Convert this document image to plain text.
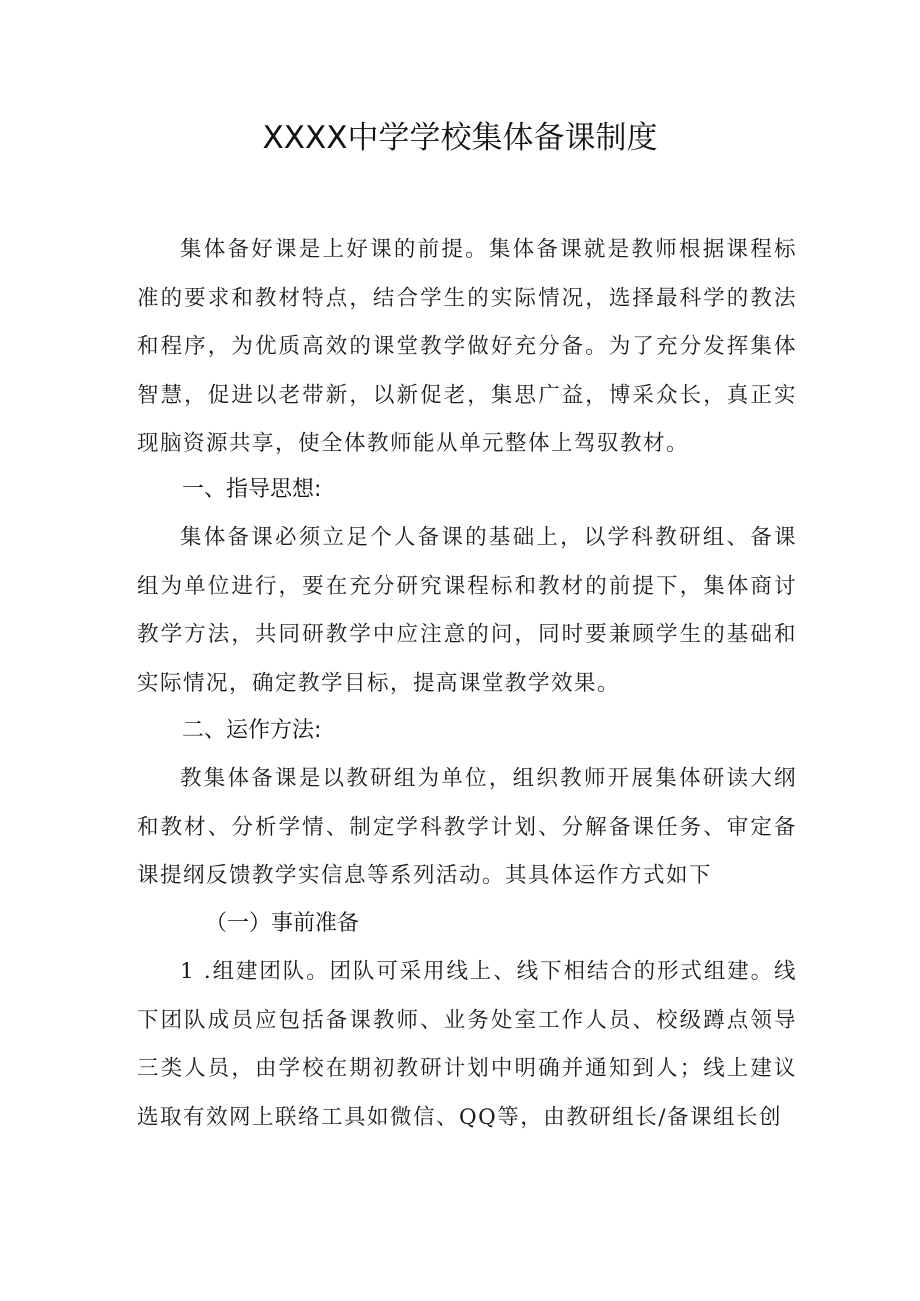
XXXX中学学校集体备课制度

集体备好课是上好课的前提。集体备课就是教师根据课程标准的要求和教材特点，结合学生的实际情况，选择最科学的教法和程序，为优质高效的课堂教学做好充分备。为了充分发挥集体智慧，促进以老带新，以新促老，集思广益，博采众长，真正实现脑资源共享，使全体教师能从单元整体上驾驭教材。

一、指导思想:

集体备课必须立足个人备课的基础上，以学科教研组、备课组为单位进行，要在充分研究课程标和教材的前提下，集体商讨教学方法，共同研教学中应注意的问，同时要兼顾学生的基础和实际情况，确定教学目标，提高课堂教学效果。

二、运作方法:

教集体备课是以教研组为单位，组织教师开展集体研读大纲和教材、分析学情、制定学科教学计划、分解备课任务、审定备课提纲反馈教学实信息等系列活动。其具体运作方式如下

（一）事前准备

1 .组建团队。团队可采用线上、线下相结合的形式组建。线下团队成员应包括备课教师、业务处室工作人员、校级蹲点领导三类人员，由学校在期初教研计划中明确并通知到人；线上建议选取有效网上联络工具如微信、QQ等，由教研组长/备课组长创
